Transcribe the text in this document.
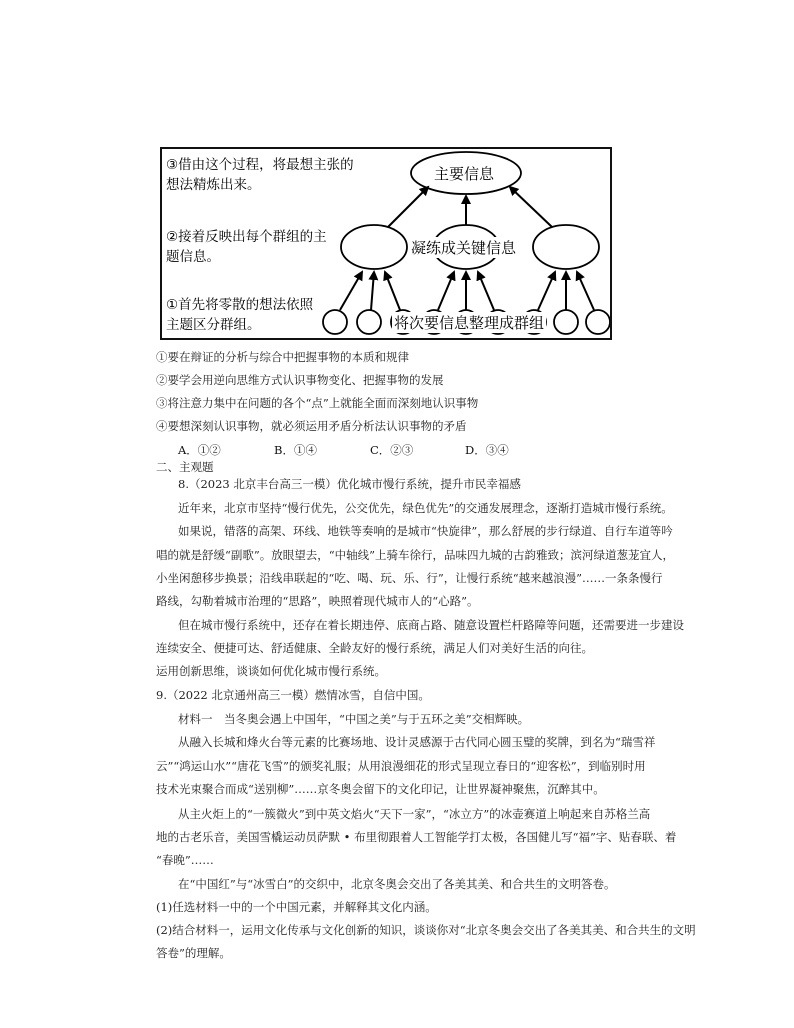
③借由这个过程，将最想主张的
想法精炼出来。
②接着反映出每个群组的主
题信息。
①首先将零散的想法依照
主题区分群组。
主要信息
凝练成关键信息
将次要信息整理成群组
①要在辩证的分析与综合中把握事物的本质和规律
②要学会用逆向思维方式认识事物变化、把握事物的发展
③将注意力集中在问题的各个“点”上就能全面而深刻地认识事物
④要想深刻认识事物，就必须运用矛盾分析法认识事物的矛盾
A．①②	B．①④	C．②③	D．③④
二、主观题
8.（2023 北京丰台高三一模）优化城市慢行系统，提升市民幸福感
近年来，北京市坚持“慢行优先，公交优先，绿色优先”的交通发展理念，逐渐打造城市慢行系统。
如果说，错落的高架、环线、地铁等奏响的是城市“快旋律”，那么舒展的步行绿道、自行车道等吟
唱的就是舒缓“副歌”。放眼望去，“中轴线”上骑车徐行，品味四九城的古韵雅致；滨河绿道葱茏宜人，
小坐闲憩移步换景；沿线串联起的“吃、喝、玩、乐、行”，让慢行系统“越来越浪漫”……一条条慢行
路线，勾勒着城市治理的“思路”，映照着现代城市人的“心路”。
但在城市慢行系统中，还存在着长期违停、底商占路、随意设置栏杆路障等问题，还需要进一步建设
连续安全、便捷可达、舒适健康、全龄友好的慢行系统，满足人们对美好生活的向往。
运用创新思维，谈谈如何优化城市慢行系统。
9.（2022 北京通州高三一模）燃情冰雪，自信中国。
材料一　当冬奥会遇上中国年，“中国之美”与于五环之美”交相辉映。
从融入长城和烽火台等元素的比赛场地、设计灵感源于古代同心圆玉璧的奖牌，到名为“瑞雪祥
云”“鸿运山水”“唐花飞雪”的颁奖礼服；从用浪漫细花的形式呈现立春日的“迎客松”，到临别时用
技术光束聚合而成“送别柳”……京冬奥会留下的文化印记，让世界凝神聚焦，沉醉其中。
从主火炬上的“一簇微火”到中英文焰火“天下一家”，“冰立方”的冰壶赛道上响起来自苏格兰高
地的古老乐音，美国雪橇运动员萨默 • 布里彻跟着人工智能学打太极，各国健儿写“福”字、贴春联、着
“春晚”……
在“中国红”与“冰雪白”的交织中，北京冬奥会交出了各美其美、和合共生的文明答卷。
(1)任选材料一中的一个中国元素，并解释其文化内涵。
(2)结合材料一，运用文化传承与文化创新的知识，谈谈你对“北京冬奥会交出了各美其美、和合共生的文明
答卷”的理解。
